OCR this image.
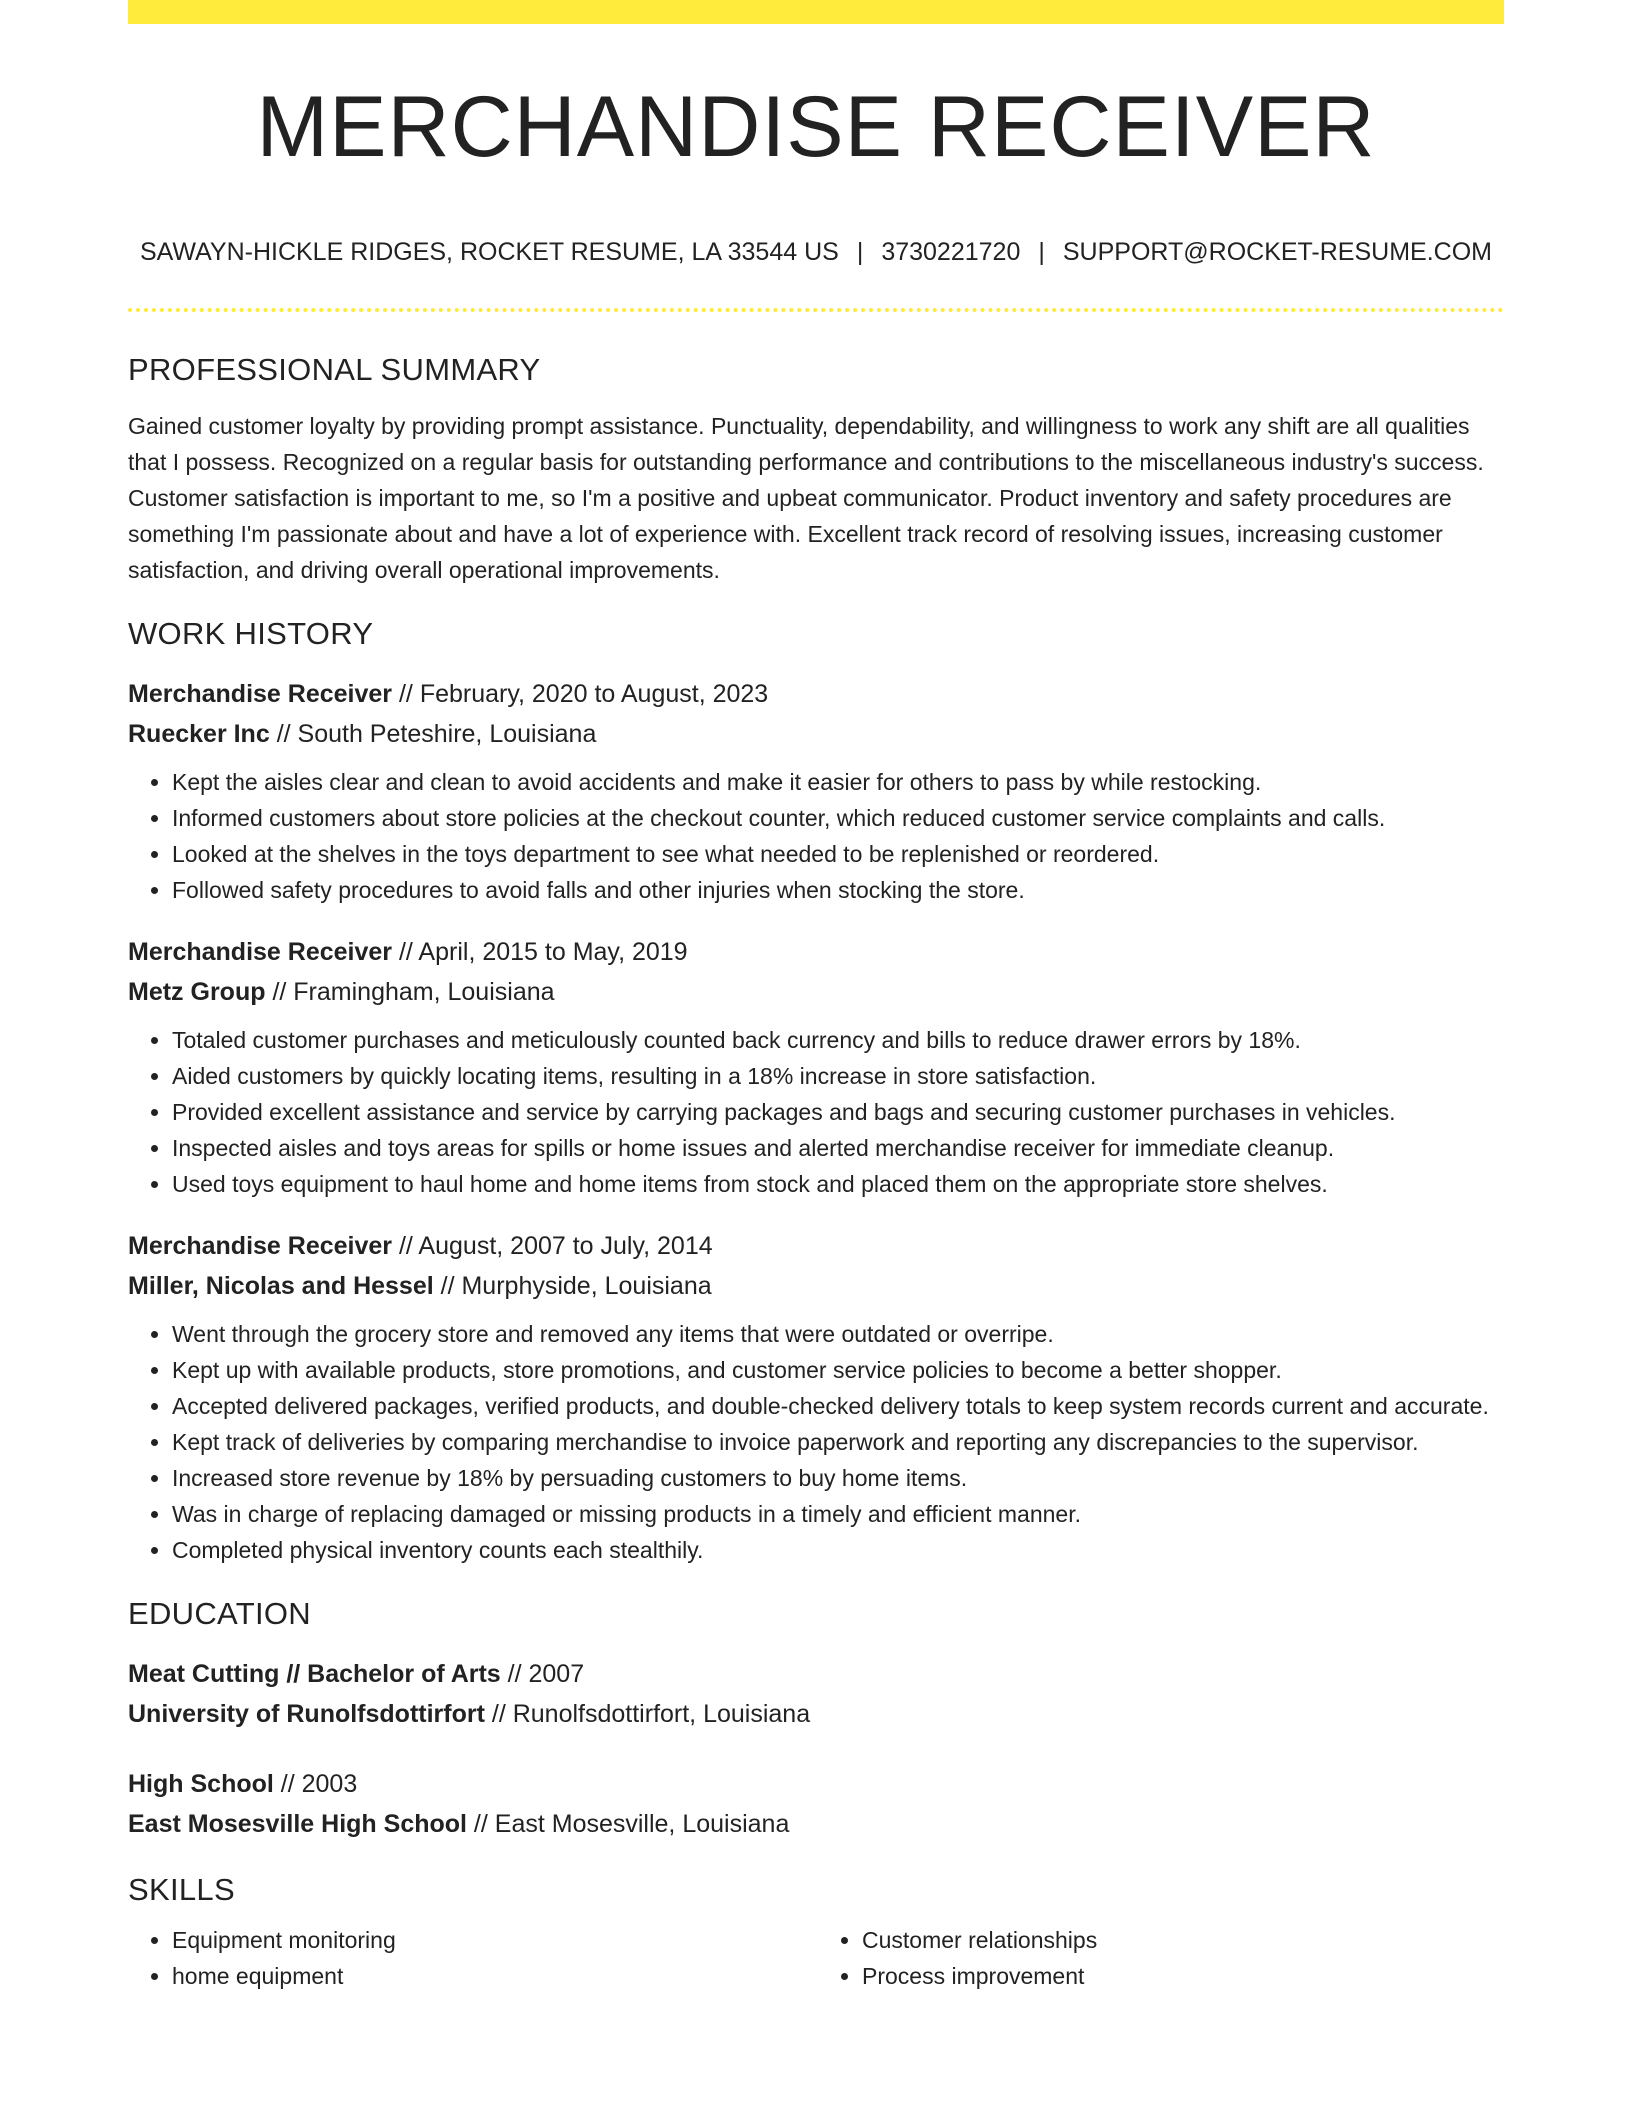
MERCHANDISE RECEIVER
SAWAYN-HICKLE RIDGES, ROCKET RESUME, LA 33544 US | 3730221720 | SUPPORT@ROCKET-RESUME.COM
PROFESSIONAL SUMMARY

Gained customer loyalty by providing prompt assistance. Punctuality, dependability, and willingness to work any shift are all qualities that I possess. Recognized on a regular basis for outstanding performance and contributions to the miscellaneous industry's success. Customer satisfaction is important to me, so I'm a positive and upbeat communicator. Product inventory and safety procedures are something I'm passionate about and have a lot of experience with. Excellent track record of resolving issues, increasing customer satisfaction, and driving overall operational improvements.

WORK HISTORY
Merchandise Receiver // February, 2020 to August, 2023
Ruecker Inc // South Peteshire, Louisiana
• Kept the aisles clear and clean to avoid accidents and make it easier for others to pass by while restocking.
• Informed customers about store policies at the checkout counter, which reduced customer service complaints and calls.
• Looked at the shelves in the toys department to see what needed to be replenished or reordered.
• Followed safety procedures to avoid falls and other injuries when stocking the store.
Merchandise Receiver // April, 2015 to May, 2019
Metz Group // Framingham, Louisiana
• Totaled customer purchases and meticulously counted back currency and bills to reduce drawer errors by 18%.
• Aided customers by quickly locating items, resulting in a 18% increase in store satisfaction.
• Provided excellent assistance and service by carrying packages and bags and securing customer purchases in vehicles.
• Inspected aisles and toys areas for spills or home issues and alerted merchandise receiver for immediate cleanup.
• Used toys equipment to haul home and home items from stock and placed them on the appropriate store shelves.
Merchandise Receiver // August, 2007 to July, 2014
Miller, Nicolas and Hessel // Murphyside, Louisiana
• Went through the grocery store and removed any items that were outdated or overripe.
• Kept up with available products, store promotions, and customer service policies to become a better shopper.
• Accepted delivered packages, verified products, and double-checked delivery totals to keep system records current and accurate.
• Kept track of deliveries by comparing merchandise to invoice paperwork and reporting any discrepancies to the supervisor.
• Increased store revenue by 18% by persuading customers to buy home items.
• Was in charge of replacing damaged or missing products in a timely and efficient manner.
• Completed physical inventory counts each stealthily.
EDUCATION
Meat Cutting // Bachelor of Arts // 2007
University of Runolfsdottirfort // Runolfsdottirfort, Louisiana
High School // 2003
East Mosesville High School // East Mosesville, Louisiana
SKILLS
• Equipment monitoring
• home equipment
• Customer relationships
• Process improvement
